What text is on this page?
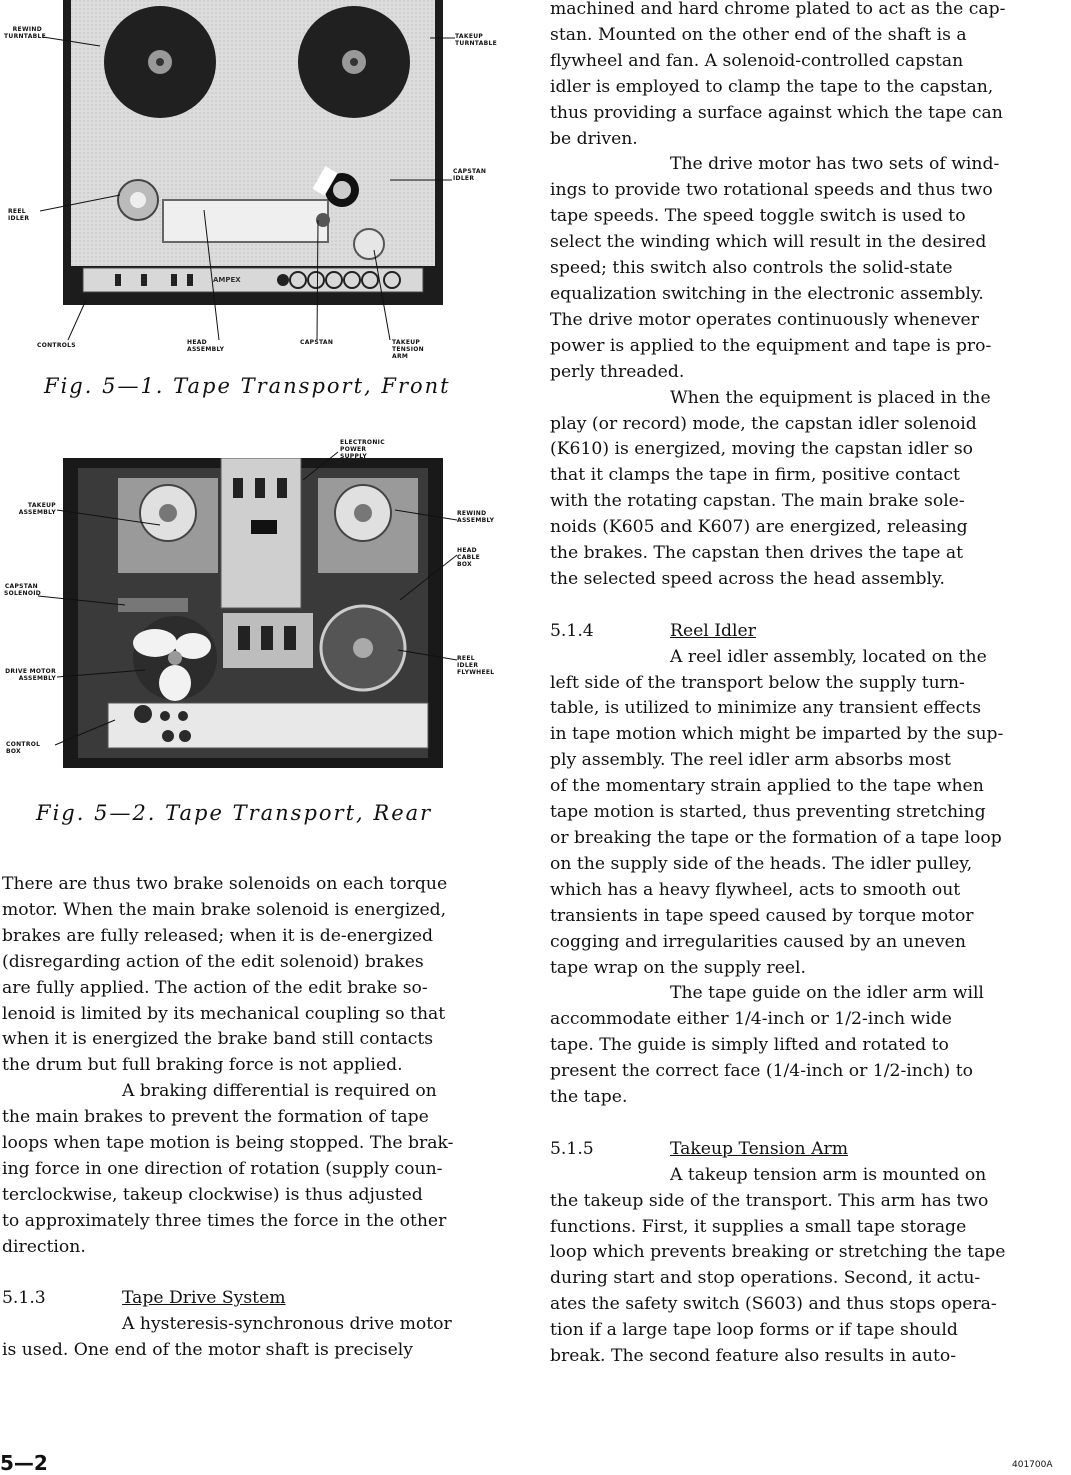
AMPEX
REWIND
TURNTABLE	TAKEUP
TURNTABLE
CAPSTAN
IDLER
REEL IDLER
CONTROLS	HEAD ASSEMBLY
CAPSTAN	TAKEUP TENSION ARM
Fig. 5—1. Tape Transport, Front
ELECTRONIC
POWER SUPPLY
TAKEUP
ASSEMBLY	REWIND
ASSEMBLY
HEAD CABLE
BOX
CAPSTAN
SOLENOID
REEL IDLER
FLYWHEEL
DRIVE MOTOR
ASSEMBLY
CONTROL BOX
Fig. 5—2. Tape Transport, Rear

There are thus two brake solenoids on each torque

motor. When the main brake solenoid is energized,

brakes are fully released; when it is de-energized

(disregarding action of the edit solenoid) brakes

are fully applied. The action of the edit brake so-

lenoid is limited by its mechanical coupling so that

when it is energized the brake band still contacts

the drum but full braking force is not applied.

A braking differential is required on

the main brakes to prevent the formation of tape

loops when tape motion is being stopped. The brak-

ing force in one direction of rotation (supply coun-

terclockwise, takeup clockwise) is thus adjusted

to approximately three times the force in the other

direction.

5.1.3	Tape Drive System

A hysteresis-synchronous drive motor

is used. One end of the motor shaft is precisely

machined and hard chrome plated to act as the cap-

stan. Mounted on the other end of the shaft is a

flywheel and fan. A solenoid-controlled capstan

idler is employed to clamp the tape to the capstan,

thus providing a surface against which the tape can

be driven.

The drive motor has two sets of wind-

ings to provide two rotational speeds and thus two

tape speeds. The speed toggle switch is used to

select the winding which will result in the desired

speed; this switch also controls the solid-state

equalization switching in the electronic assembly.

The drive motor operates continuously whenever

power is applied to the equipment and tape is pro-

perly threaded.

When the equipment is placed in the

play (or record) mode, the capstan idler solenoid

(K610) is energized, moving the capstan idler so

that it clamps the tape in firm, positive contact

with the rotating capstan. The main brake sole-

noids (K605 and K607) are energized, releasing

the brakes. The capstan then drives the tape at

the selected speed across the head assembly.

5.1.4	Reel Idler

A reel idler assembly, located on the

left side of the transport below the supply turn-

table, is utilized to minimize any transient effects

in tape motion which might be imparted by the sup-

ply assembly. The reel idler arm absorbs most

of the momentary strain applied to the tape when

tape motion is started, thus preventing stretching

or breaking the tape or the formation of a tape loop

on the supply side of the heads. The idler pulley,

which has a heavy flywheel, acts to smooth out

transients in tape speed caused by torque motor

cogging and irregularities caused by an uneven

tape wrap on the supply reel.

The tape guide on the idler arm will

accommodate either 1/4-inch or 1/2-inch wide

tape. The guide is simply lifted and rotated to

present the correct face (1/4-inch or 1/2-inch) to

the tape.

5.1.5	Takeup Tension Arm

A takeup tension arm is mounted on

the takeup side of the transport. This arm has two

functions. First, it supplies a small tape storage

loop which prevents breaking or stretching the tape

during start and stop operations. Second, it actu-

ates the safety switch (S603) and thus stops opera-

tion if a large tape loop forms or if tape should

break. The second feature also results in auto-

5—2	401700A
